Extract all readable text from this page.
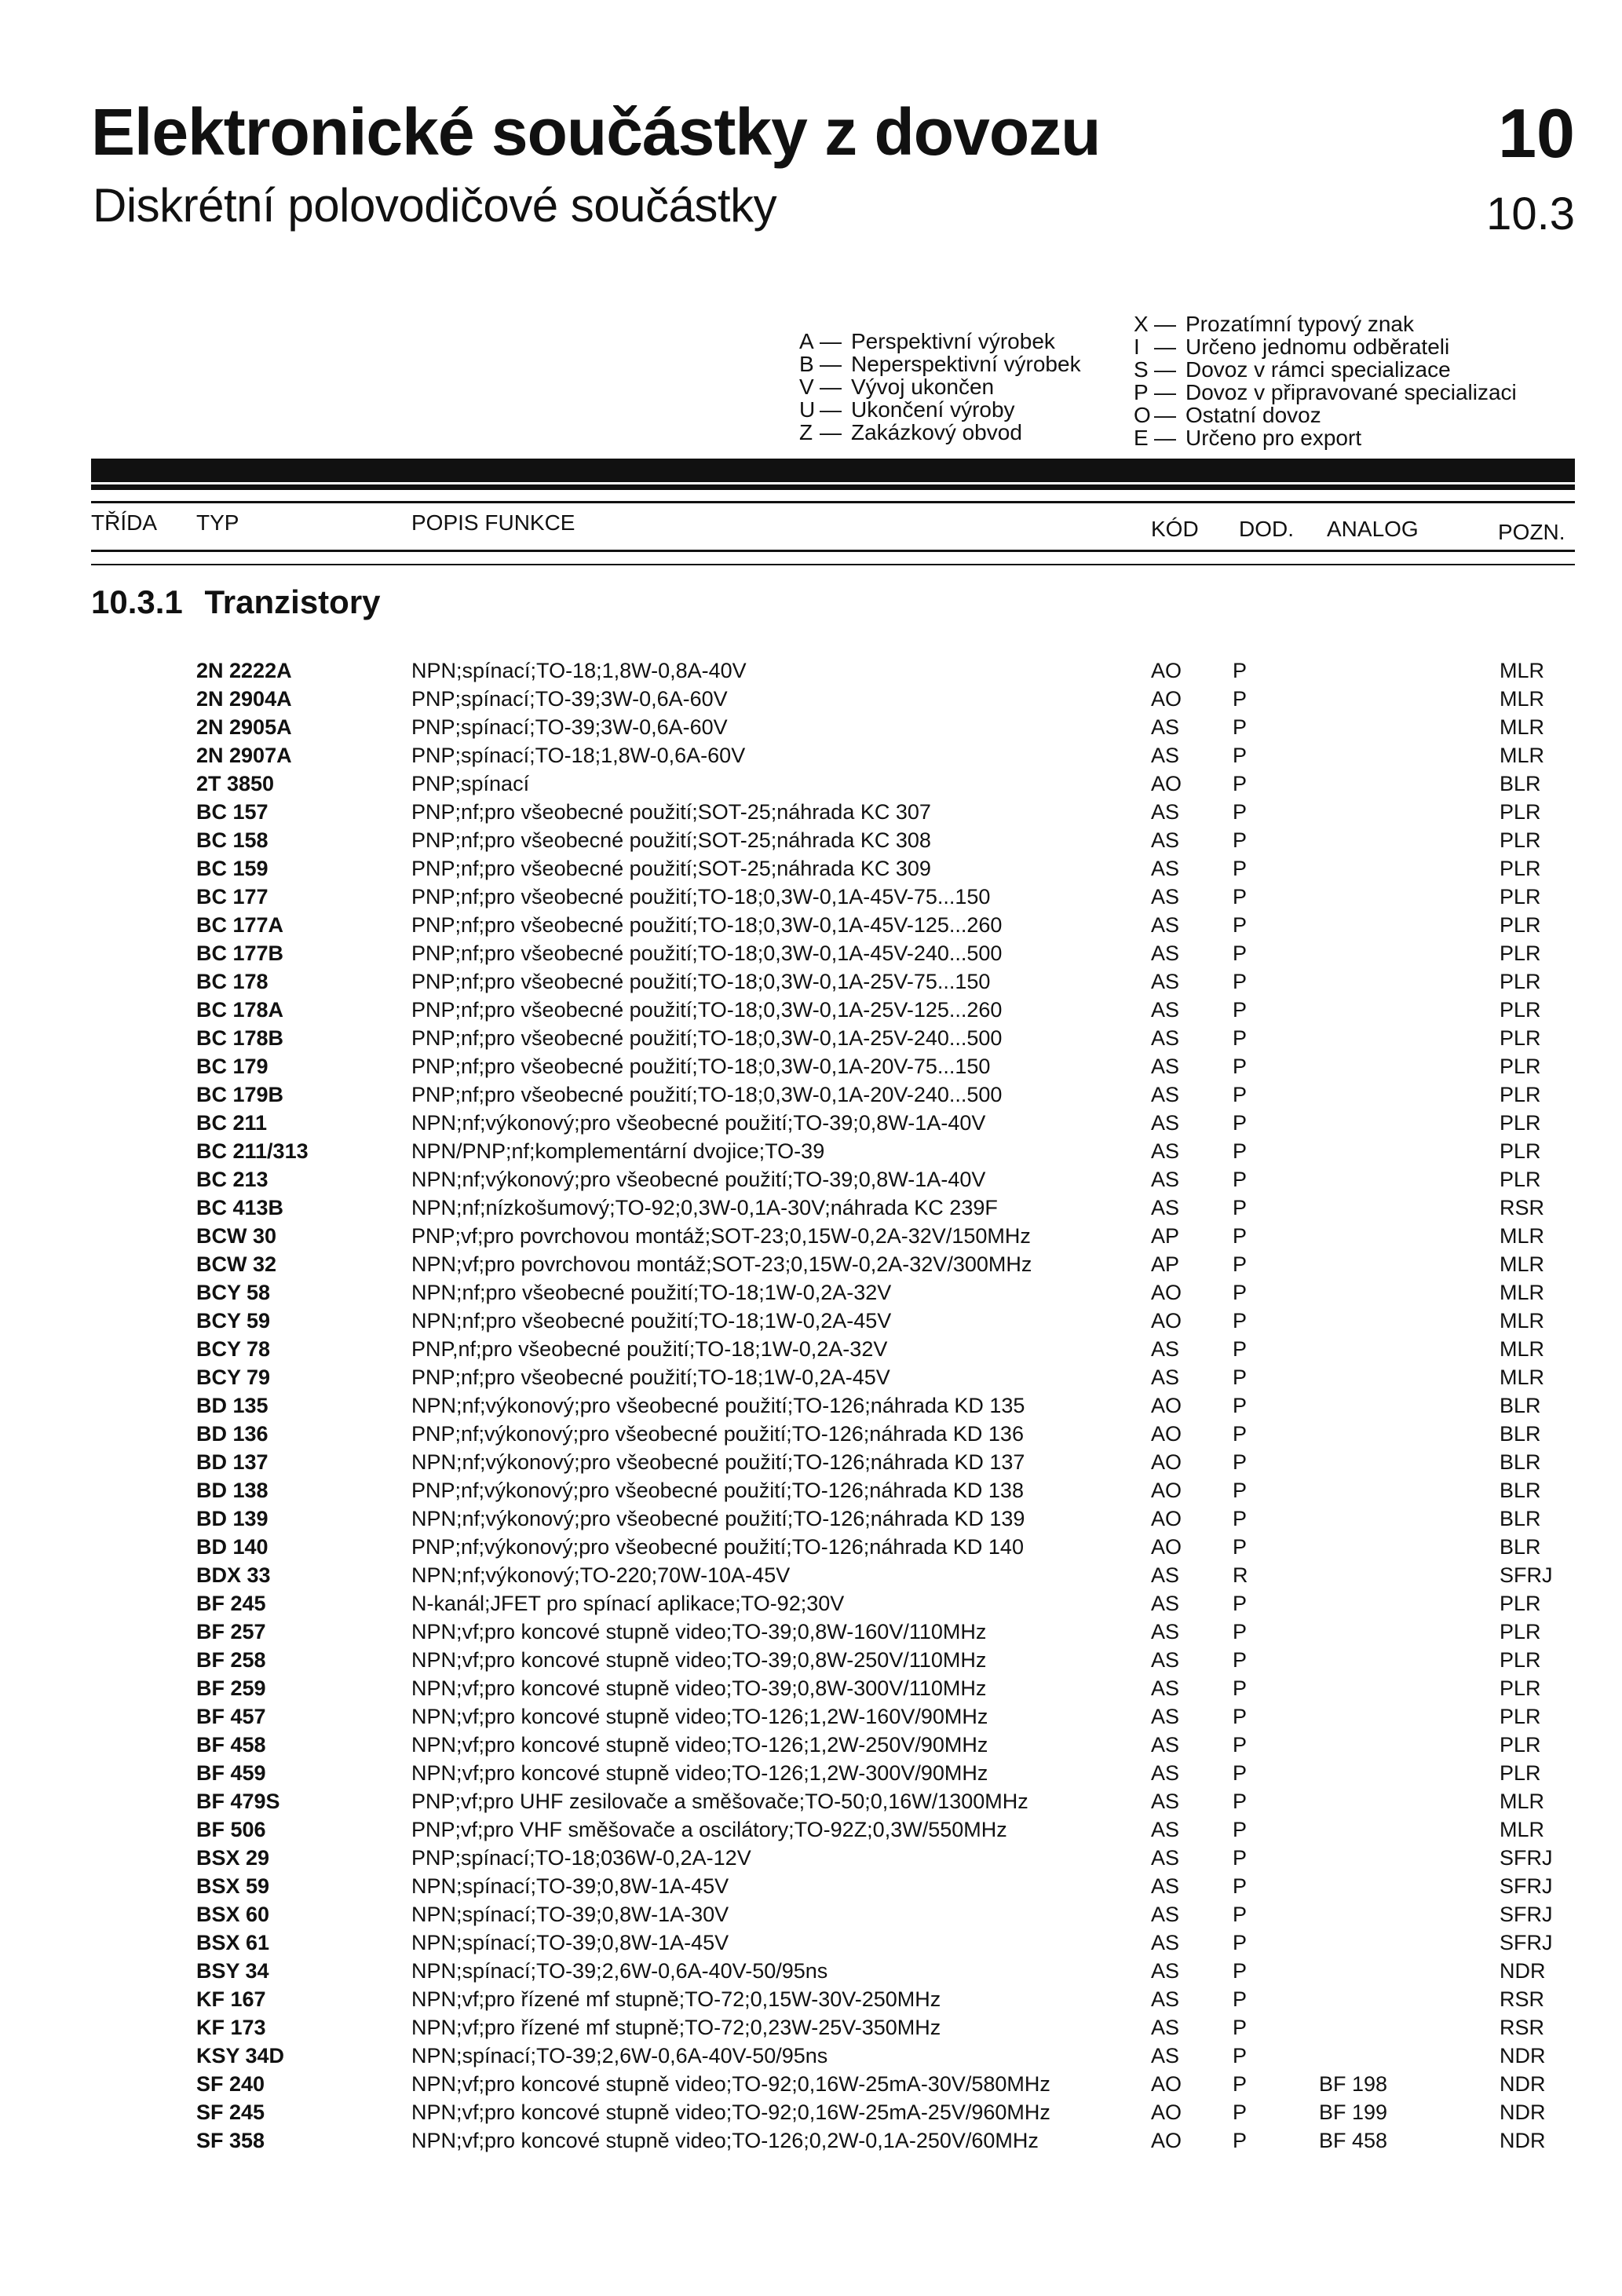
Elektronické součástky z dovozu
Diskrétní polovodičové součástky
10
10.3
A — Perspektivní výrobek
B — Neperspektivní výrobek
V — Vývoj ukončen
U — Ukončení výroby
Z — Zakázkový obvod
X — Prozatímní typový znak
I — Určeno jednomu odběrateli
S — Dovoz v rámci specializace
P — Dovoz v připravované specializaci
O — Ostatní dovoz
E — Určeno pro export
TŘÍDA TYP	POPIS FUNKCE	KÓD DOD. ANALOG	POZN.
10.3.1 Tranzistory
2N 2222A	NPN;spínací;TO-18;1,8W-0,8A-40V	AO P	MLR
2N 2904A	PNP;spínací;TO-39;3W-0,6A-60V	AO P	MLR
2N 2905A	PNP;spínací;TO-39;3W-0,6A-60V	AS	P	MLR
2N 2907A	PNP;spínací;TO-18;1,8W-0,6A-60V	AS	P	MLR
2T 3850	PNP;spínací	AO P	BLR
BC 157	PNP;nf;pro všeobecné použití;SOT-25;náhrada KC 307	AS	P	PLR
BC 158	PNP;nf;pro všeobecné použití;SOT-25;náhrada KC 308	AS	P	PLR
BC 159	PNP;nf;pro všeobecné použití;SOT-25;náhrada KC 309	AS	P	PLR
BC 177	PNP;nf;pro všeobecné použití;TO-18;0,3W-0,1A-45V-75...150	AS	P	PLR
BC 177A	PNP;nf;pro všeobecné použití;TO-18;0,3W-0,1A-45V-125...260	AS	P	PLR
BC 177B	PNP;nf;pro všeobecné použití;TO-18;0,3W-0,1A-45V-240...500	AS	P	PLR
BC 178	PNP;nf;pro všeobecné použití;TO-18;0,3W-0,1A-25V-75...150	AS	P	PLR
BC 178A	PNP;nf;pro všeobecné použití;TO-18;0,3W-0,1A-25V-125...260	AS	P	PLR
BC 178B	PNP;nf;pro všeobecné použití;TO-18;0,3W-0,1A-25V-240...500	AS	P	PLR
BC 179	PNP;nf;pro všeobecné použití;TO-18;0,3W-0,1A-20V-75...150	AS	P	PLR
BC 179B	PNP;nf;pro všeobecné použití;TO-18;0,3W-0,1A-20V-240...500	AS	P	PLR
BC 211	NPN;nf;výkonový;pro všeobecné použití;TO-39;0,8W-1A-40V	AS	P	PLR
BC 211/313	NPN/PNP;nf;komplementární dvojice;TO-39	AS	P	PLR
BC 213	NPN;nf;výkonový;pro všeobecné použití;TO-39;0,8W-1A-40V	AS	P	PLR
BC 413B	NPN;nf;nízkošumový;TO-92;0,3W-0,1A-30V;náhrada KC 239F	AS	P	RSR
BCW 30	PNP;vf;pro povrchovou montáž;SOT-23;0,15W-0,2A-32V/150MHz	AP	P	MLR
BCW 32	NPN;vf;pro povrchovou montáž;SOT-23;0,15W-0,2A-32V/300MHz	AP	P	MLR
BCY 58	NPN;nf;pro všeobecné použití;TO-18;1W-0,2A-32V	AO P	MLR
BCY 59	NPN;nf;pro všeobecné použití;TO-18;1W-0,2A-45V	AO P	MLR
BCY 78	PNP,nf;pro všeobecné použití;TO-18;1W-0,2A-32V	AS	P	MLR
BCY 79	PNP;nf;pro všeobecné použití;TO-18;1W-0,2A-45V	AS	P	MLR
BD 135	NPN;nf;výkonový;pro všeobecné použití;TO-126;náhrada KD 135	AO P	BLR
BD 136	PNP;nf;výkonový;pro všeobecné použití;TO-126;náhrada KD 136	AO P	BLR
BD 137	NPN;nf;výkonový;pro všeobecné použití;TO-126;náhrada KD 137	AO P	BLR
BD 138	PNP;nf;výkonový;pro všeobecné použití;TO-126;náhrada KD 138	AO P	BLR
BD 139	NPN;nf;výkonový;pro všeobecné použití;TO-126;náhrada KD 139	AO P	BLR
BD 140	PNP;nf;výkonový;pro všeobecné použití;TO-126;náhrada KD 140	AO P	BLR
BDX 33	NPN;nf;výkonový;TO-220;70W-10A-45V	AS	R	SFRJ
BF 245	N-kanál;JFET pro spínací aplikace;TO-92;30V	AS	P	PLR
BF 257	NPN;vf;pro koncové stupně video;TO-39;0,8W-160V/110MHz	AS	P	PLR
BF 258	NPN;vf;pro koncové stupně video;TO-39;0,8W-250V/110MHz	AS	P	PLR
BF 259	NPN;vf;pro koncové stupně video;TO-39;0,8W-300V/110MHz	AS	P	PLR
BF 457	NPN;vf;pro koncové stupně video;TO-126;1,2W-160V/90MHz	AS	P	PLR
BF 458	NPN;vf;pro koncové stupně video;TO-126;1,2W-250V/90MHz	AS	P	PLR
BF 459	NPN;vf;pro koncové stupně video;TO-126;1,2W-300V/90MHz	AS	P	PLR
BF 479S	PNP;vf;pro UHF zesilovače a směšovače;TO-50;0,16W/1300MHz	AS	P	MLR
BF 506	PNP;vf;pro VHF směšovače a oscilátory;TO-92Z;0,3W/550MHz	AS	P	MLR
BSX 29	PNP;spínací;TO-18;036W-0,2A-12V	AS	P	SFRJ
BSX 59	NPN;spínací;TO-39;0,8W-1A-45V	AS	P	SFRJ
BSX 60	NPN;spínací;TO-39;0,8W-1A-30V	AS	P	SFRJ
BSX 61	NPN;spínací;TO-39;0,8W-1A-45V	AS	P	SFRJ
BSY 34	NPN;spínací;TO-39;2,6W-0,6A-40V-50/95ns	AS	P	NDR
KF 167	NPN;vf;pro řízené mf stupně;TO-72;0,15W-30V-250MHz	AS	P	RSR
KF 173	NPN;vf;pro řízené mf stupně;TO-72;0,23W-25V-350MHz	AS	P	RSR
KSY 34D	NPN;spínací;TO-39;2,6W-0,6A-40V-50/95ns	AS	P	NDR
SF 240	NPN;vf;pro koncové stupně video;TO-92;0,16W-25mA-30V/580MHz	AO P	BF 198	NDR
SF 245	NPN;vf;pro koncové stupně video;TO-92;0,16W-25mA-25V/960MHz	AO P	BF 199	NDR
SF 358	NPN;vf;pro koncové stupně video;TO-126;0,2W-0,1A-250V/60MHz	AO P	BF 458	NDR
